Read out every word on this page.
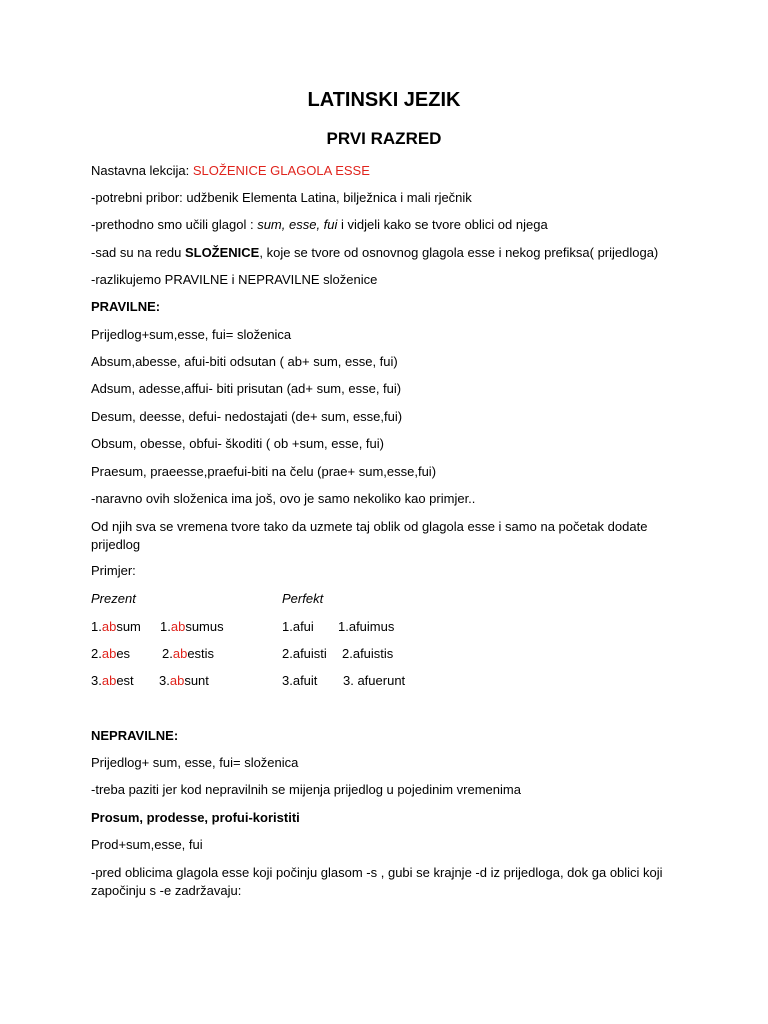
LATINSKI JEZIK
PRVI RAZRED
Nastavna lekcija: SLOŽENICE GLAGOLA ESSE
-potrebni pribor: udžbenik Elementa Latina, bilježnica i mali rječnik
-prethodno smo učili glagol : sum, esse, fui i vidjeli kako se tvore oblici od njega
-sad su na redu SLOŽENICE, koje se tvore od osnovnog glagola esse i nekog prefiksa( prijedloga)
-razlikujemo PRAVILNE i NEPRAVILNE složenice
PRAVILNE:
Prijedlog+sum,esse, fui= složenica
Absum,abesse, afui-biti odsutan ( ab+ sum, esse, fui)
Adsum, adesse,affui- biti prisutan (ad+ sum, esse, fui)
Desum, deesse, defui- nedostajati (de+ sum, esse,fui)
Obsum, obesse, obfui- škoditi ( ob +sum, esse, fui)
Praesum, praeesse,praefui-biti na čelu (prae+ sum,esse,fui)
-naravno ovih složenica ima još, ovo je samo nekoliko kao primjer..
Od njih sva se vremena tvore tako da uzmete taj oblik od glagola esse i samo na početak dodate prijedlog
Primjer:
Prezent	Perfekt
1.absum 1.absumus
2.abes 2.abestis
3.abest 3.absunt
1.afui 1.afuimus
2.afuisti 2.afuistis
3.afuit 3. afuerunt
NEPRAVILNE:
Prijedlog+ sum, esse, fui= složenica
-treba paziti jer kod nepravilnih se mijenja prijedlog u pojedinim vremenima
Prosum, prodesse, profui-koristiti
Prod+sum,esse, fui
-pred oblicima glagola esse koji počinju glasom -s , gubi se krajnje -d iz prijedloga, dok ga oblici koji započinju s -e zadržavaju:
